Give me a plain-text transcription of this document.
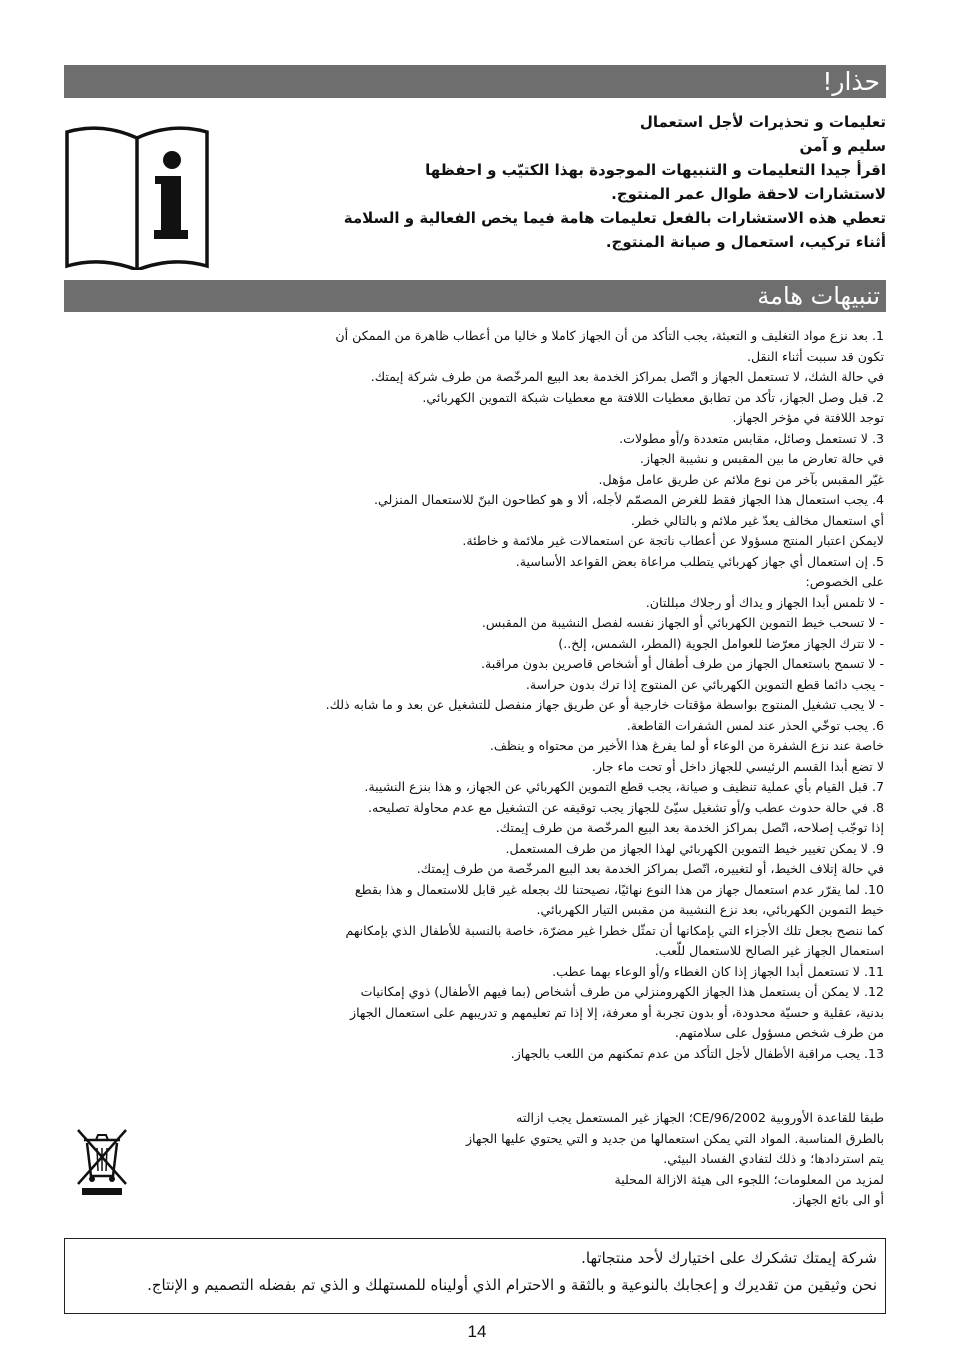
حذار!
تعليمات و تحذيرات لأجل استعمال
سليم و آمن
اقرأ جيدا التعليمات و التنبيهات الموجودة بهذا الكتيّب و احفظها
لاستشارات لاحقة طوال عمر المنتوج.
تعطي هذه الاستشارات بالفعل تعليمات هامة فيما يخص الفعالية و السلامة
أثناء تركيب، استعمال و صيانة المنتوج.
تنبيهات هامة
1. بعد نزع مواد التغليف و التعبئة، يجب التأكد من أن الجهاز كاملا و خاليا من أعطاب ظاهرة من الممكن أن
تكون قد سببت أثناء النقل.
في حالة الشك، لا تستعمل الجهاز و اتّصل بمراكز الخدمة بعد البيع المرخّصة من طرف شركة إيمتك.
2. قبل وصل الجهاز، تأكد من تطابق معطيات اللافتة مع معطيات شبكة التموين الكهربائي.
توجد اللافتة في مؤخر الجهاز.
3. لا تستعمل وصائل، مقابس متعددة و/أو مطولات.
في حالة تعارض ما بين المقبس و نشيبة الجهاز.
غيّر المقبس بآخر من نوع ملائم عن طريق عامل مؤهل.
4. يجب استعمال هذا الجهاز فقط للغرض المصمّم لأجله، ألا و هو كطاحون البنّ للاستعمال المنزلي.
أي استعمال مخالف يعدّ غير ملائم و بالتالي خطر.
لايمكن اعتبار المنتج مسؤولا عن أعطاب ناتجة عن استعمالات غير ملائمة و خاطئة.
5. إن استعمال أي جهاز كهربائي يتطلب مراعاة بعض القواعد الأساسية.
على الخصوص:
- لا تلمس أبدا الجهاز و يداك أو رجلاك مبللتان.
- لا تسحب خيط التموين الكهربائي أو الجهاز نفسه لفصل النشيبة من المقبس.
- لا تترك الجهاز معرّضا للعوامل الجوية (المطر، الشمس، إلخ..)
- لا تسمح باستعمال الجهاز من طرف أطفال أو أشخاص قاصرين بدون مراقبة.
- يجب دائما قطع التموين الكهربائي عن المنتوج إذا ترك بدون حراسة.
- لا يجب تشغيل المنتوج بواسطة مؤقتات خارجية أو عن طريق جهاز منفصل للتشغيل عن بعد و ما شابه ذلك.
6. يجب توخّي الحذر عند لمس الشفرات القاطعة.
خاصة عند نزع الشفرة من الوعاء أو لما يفرغ هذا الأخير من محتواه و ينظف.
لا تضع أبدا القسم الرئيسي للجهاز داخل أو تحت ماء جار.
7. قبل القيام بأي عملية تنظيف و صيانة، يجب قطع التموين الكهربائي عن الجهاز، و هذا بنزع النشيبة.
8. في حالة حدوث عطب و/أو تشغيل سيّئ للجهاز يجب توقيفه عن التشغيل مع عدم محاولة تصليحه.
إذا توجّب إصلاحه، اتّصل بمراكز الخدمة بعد البيع المرخّصة من طرف إيمتك.
9. لا يمكن تغيير خيط التموين الكهربائي لهذا الجهاز من طرف المستعمل.
في حالة إتلاف الخيط، أو لتغييره، اتّصل بمراكز الخدمة بعد البيع المرخّصة من طرف إيمتك.
10. لما يقرّر عدم استعمال جهاز من هذا النوع نهائيًا، نصيحتنا لك بجعله غير قابل للاستعمال و هذا بقطع
خيط التموين الكهربائي، بعد نزع النشيبة من مقبس التيار الكهربائي.
كما ننصح بجعل تلك الأجزاء التي بإمكانها أن تمثّل خطرا غير مضرّة، خاصة بالنسبة للأطفال الذي بإمكانهم
استعمال الجهاز غير الصالح للاستعمال للّعب.
11. لا تستعمل أبدا الجهاز إذا كان الغطاء و/أو الوعاء بهما عطب.
12. لا يمكن أن يستعمل هذا الجهاز الكهرومنزلي من طرف أشخاص (بما فيهم الأطفال) ذوي إمكانيات
بدنية، عقلية و حسيّة محدودة، أو بدون تجربة أو معرفة، إلا إذا تم تعليمهم و تدريبهم على استعمال الجهاز
من طرف شخص مسؤول على سلامتهم.
13. يجب مراقبة الأطفال لأجل التأكد من عدم تمكنهم من اللعب بالجهاز.
طبقا للقاعدة الأوروبية CE/96/2002؛ الجهاز غير المستعمل يجب ازالته
بالطرق المناسبة. المواد التي يمكن استعمالها من جديد و التي يحتوي عليها الجهاز
يتم استردادها؛ و ذلك لتفادي الفساد البيئي.
لمزيد من المعلومات؛ اللجوء الى هيئة الازالة المحلية
أو الى بائع الجهاز.
شركة إيمتك تشكرك على اختيارك لأحد منتجاتها.
نحن وثيقين من تقديرك و إعجابك بالنوعية و بالثقة و الاحترام الذي أوليناه للمستهلك و الذي تم بفضله التصميم و الإنتاج.
14
